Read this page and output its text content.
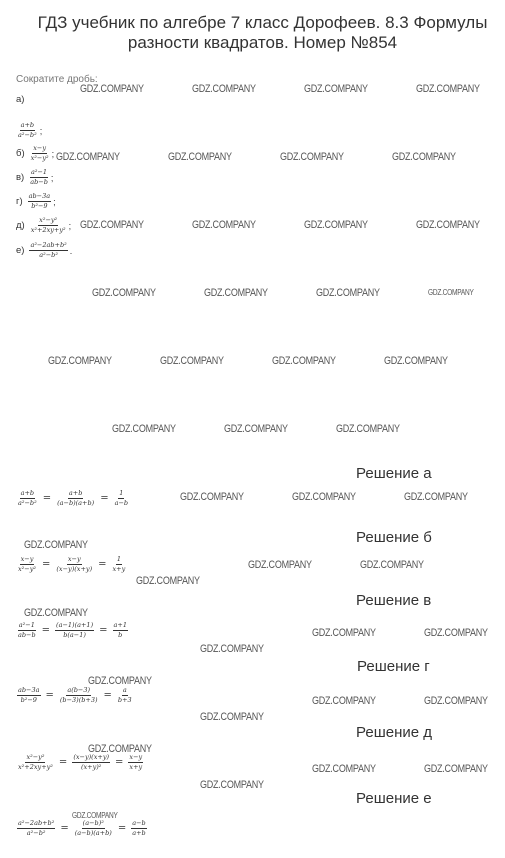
ГДЗ учебник по алгебре 7 класс Дорофеев. 8.3 Формулы разности квадратов. Номер №854
Сократите дробь:
а)
$\frac{a+b}{\text{a²−b²}}$ ;
$б) \frac{x-y}{\text{x²−y²}}$ ;
$в) \frac{\text{a²−1}}{ab-b}$ ;
$г) \frac{ab-3a}{\text{b²−9}}$ ;
$д) \frac{\text{x²−y²}}{\text{x²+2xy+y²}}$ ;
$е) \frac{\text{a²−2ab+b²}}{\text{a²−b²}}$ .
Решение а
$\frac{a+b}{\text{a²−b²}} = \frac{a+b}{(a-b)(a+b)} = \frac{1}{a-b}$
Решение б
$\frac{x-y}{\text{x²−y²}} = \frac{x-y}{(x-y)(x+y)} = \frac{1}{x+y}$
Решение в
$\frac{\text{a²−1}}{ab-b} = \frac{(a-1)(a+1)}{b(a-1)} = \frac{a+1}{b}$
Решение г
$\frac{ab-3a}{\text{b²−9}} = \frac{a(b-3)}{(b-3)(b+3)} = \frac{a}{b+3}$
Решение д
$\frac{\text{x²−y²}}{\text{x²+2xy+y²}} = \frac{(x-y)(x+y)}{\text{(x+y)²}} = \frac{x-y}{x+y}$
Решение е
$\frac{\text{a²−2ab+b²}}{\text{a²−b²}} = \frac{\text{(a−b)²}}{(a-b)(a+b)} = \frac{a-b}{a+b}$
GDZ.COMPANY	GDZ.COMPANY	GDZ.COMPANY	GDZ.COMPANY
GDZ.COMPANY	GDZ.COMPANY	GDZ.COMPANY	GDZ.COMPANY
GDZ.COMPANY	GDZ.COMPANY	GDZ.COMPANY	GDZ.COMPANY
GDZ.COMPANY	GDZ.COMPANY	GDZ.COMPANY	GDZ.COMPANY
GDZ.COMPANY	GDZ.COMPANY	GDZ.COMPANY	GDZ.COMPANY
GDZ.COMPANY	GDZ.COMPANY	GDZ.COMPANY
GDZ.COMPANY	GDZ.COMPANY	GDZ.COMPANY
GDZ.COMPANY
GDZ.COMPANY	GDZ.COMPANY
GDZ.COMPANY
GDZ.COMPANY
GDZ.COMPANY	GDZ.COMPANY
GDZ.COMPANY
GDZ.COMPANY
GDZ.COMPANY	GDZ.COMPANY
GDZ.COMPANY
GDZ.COMPANY
GDZ.COMPANY	GDZ.COMPANY
GDZ.COMPANY
GDZ.COMPANY
